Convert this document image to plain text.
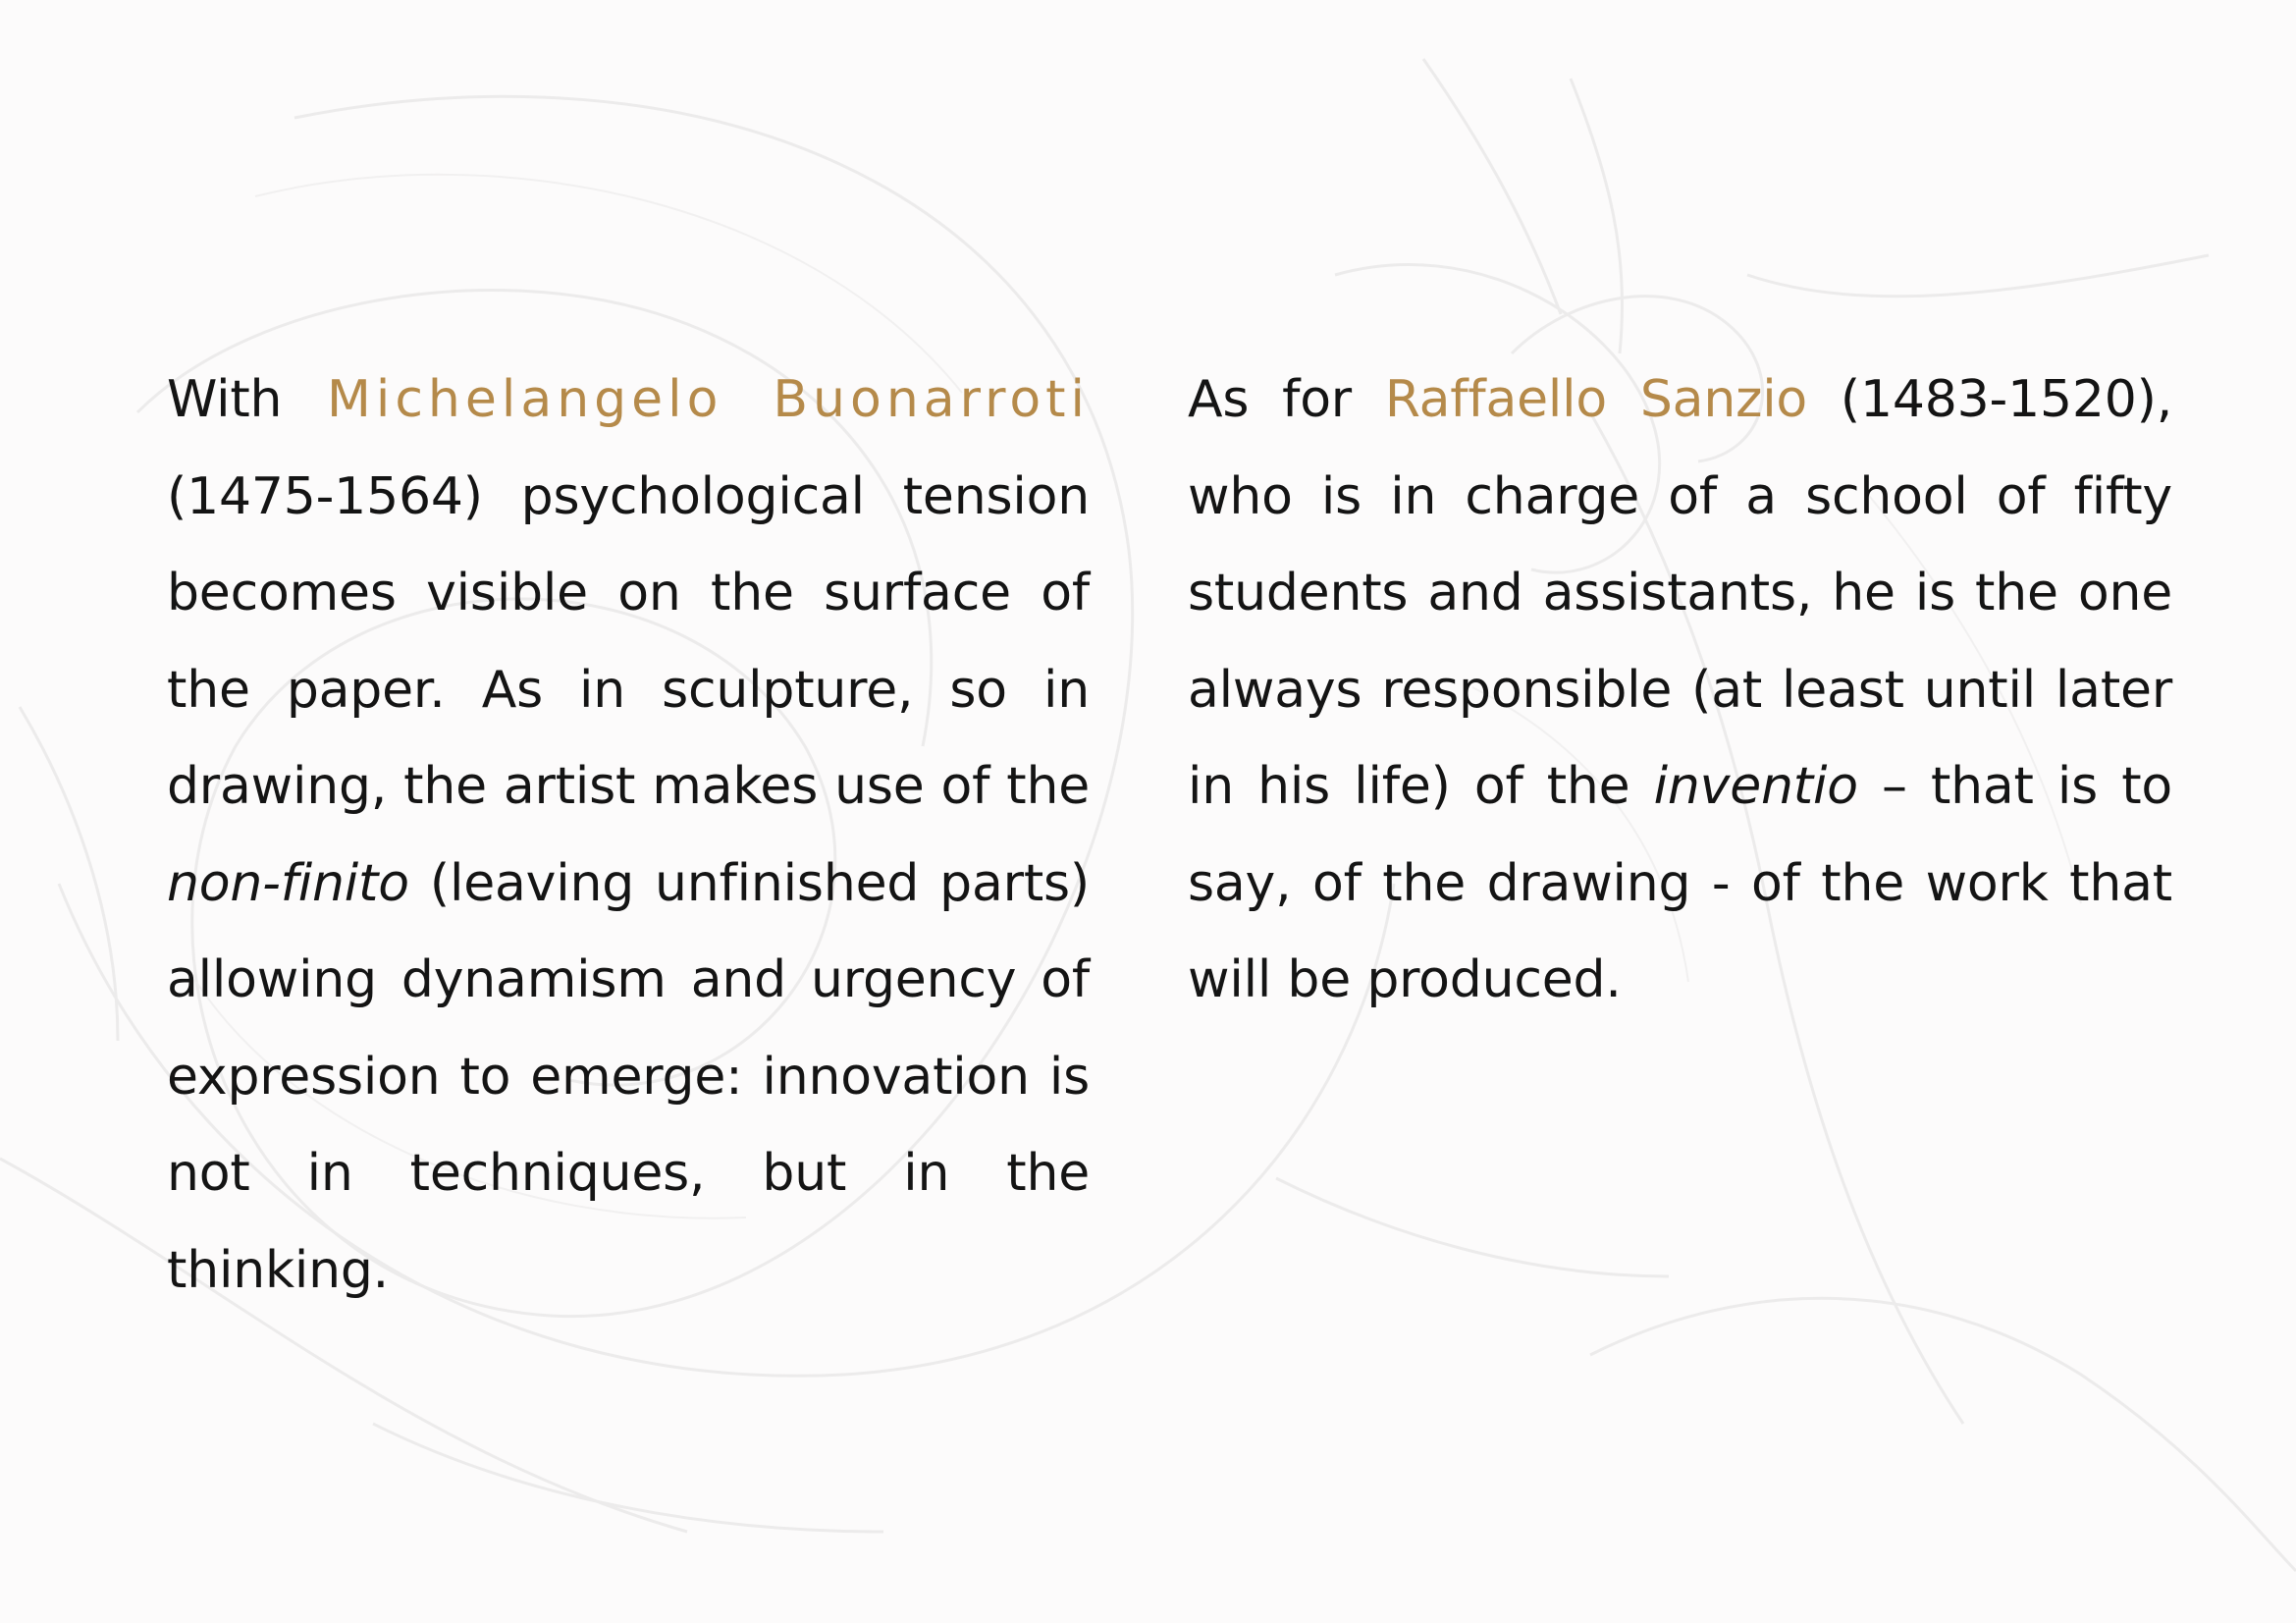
With Michelangelo Buonarroti (1475-1564) psychological tension becomes visible on the surface of the paper. As in sculpture, so in drawing, the artist makes use of the non-finito (leaving unfinished parts) allowing dynamism and urgency of expression to emerge: innovation is not in techniques, but in the thinking.

As for Raffaello Sanzio (1483-1520), who is in charge of a school of fifty students and assistants, he is the one always responsible (at least until later in his life) of the inventio – that is to say, of the drawing - of the work that will be produced.
